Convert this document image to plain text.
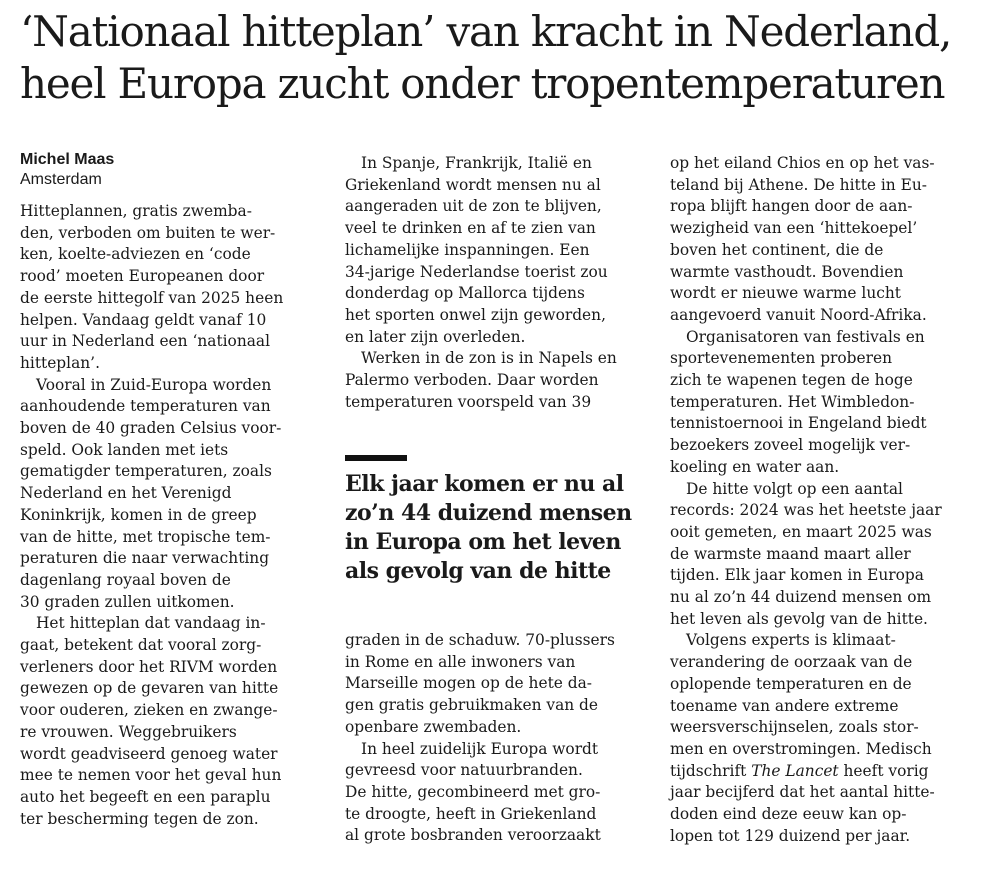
‘Nationaal hitteplan’ van kracht in Nederland,
heel Europa zucht onder tropentemperaturen
Michel Maas
Amsterdam

Hitteplannen, gratis zwemba-
den, verboden om buiten te wer-
ken, koelte-adviezen en ‘code
rood’ moeten Europeanen door
de eerste hittegolf van 2025 heen
helpen. Vandaag geldt vanaf 10
uur in Nederland een ‘nationaal
hitteplan’.

Vooral in Zuid-Europa worden
aanhoudende temperaturen van
boven de 40 graden Celsius voor-
speld. Ook landen met iets
gematigder temperaturen, zoals
Nederland en het Verenigd
Koninkrijk, komen in de greep
van de hitte, met tropische tem-
peraturen die naar verwachting
dagenlang royaal boven de
30 graden zullen uitkomen.

Het hitteplan dat vandaag in-
gaat, betekent dat vooral zorg-
verleners door het RIVM worden
gewezen op de gevaren van hitte
voor ouderen, zieken en zwange-
re vrouwen. Weggebruikers
wordt geadviseerd genoeg water
mee te nemen voor het geval hun
auto het begeeft en een paraplu
ter bescherming tegen de zon.

In Spanje, Frankrijk, Italië en
Griekenland wordt mensen nu al
aangeraden uit de zon te blijven,
veel te drinken en af te zien van
lichamelijke inspanningen. Een
34-jarige Nederlandse toerist zou
donderdag op Mallorca tijdens
het sporten onwel zijn geworden,
en later zijn overleden.

Werken in de zon is in Napels en
Palermo verboden. Daar worden
temperaturen voorspeld van 39

Elk jaar komen er nu al
zo’n 44 duizend mensen
in Europa om het leven
als gevolg van de hitte

graden in de schaduw. 70-plussers
in Rome en alle inwoners van
Marseille mogen op de hete da-
gen gratis gebruikmaken van de
openbare zwembaden.

In heel zuidelijk Europa wordt
gevreesd voor natuurbranden.
De hitte, gecombineerd met gro-
te droogte, heeft in Griekenland
al grote bosbranden veroorzaakt

op het eiland Chios en op het vas-
teland bij Athene. De hitte in Eu-
ropa blijft hangen door de aan-
wezigheid van een ‘hittekoepel’
boven het continent, die de
warmte vasthoudt. Bovendien
wordt er nieuwe warme lucht
aangevoerd vanuit Noord-Afrika.

Organisatoren van festivals en
sportevenementen proberen
zich te wapenen tegen de hoge
temperaturen. Het Wimbledon-
tennistoernooi in Engeland biedt
bezoekers zoveel mogelijk ver-
koeling en water aan.

De hitte volgt op een aantal
records: 2024 was het heetste jaar
ooit gemeten, en maart 2025 was
de warmste maand maart aller
tijden. Elk jaar komen in Europa
nu al zo’n 44 duizend mensen om
het leven als gevolg van de hitte.

Volgens experts is klimaat-
verandering de oorzaak van de
oplopende temperaturen en de
toename van andere extreme
weersverschijnselen, zoals stor-
men en overstromingen. Medisch
tijdschrift The Lancet heeft vorig
jaar becijferd dat het aantal hitte-
doden eind deze eeuw kan op-
lopen tot 129 duizend per jaar.
